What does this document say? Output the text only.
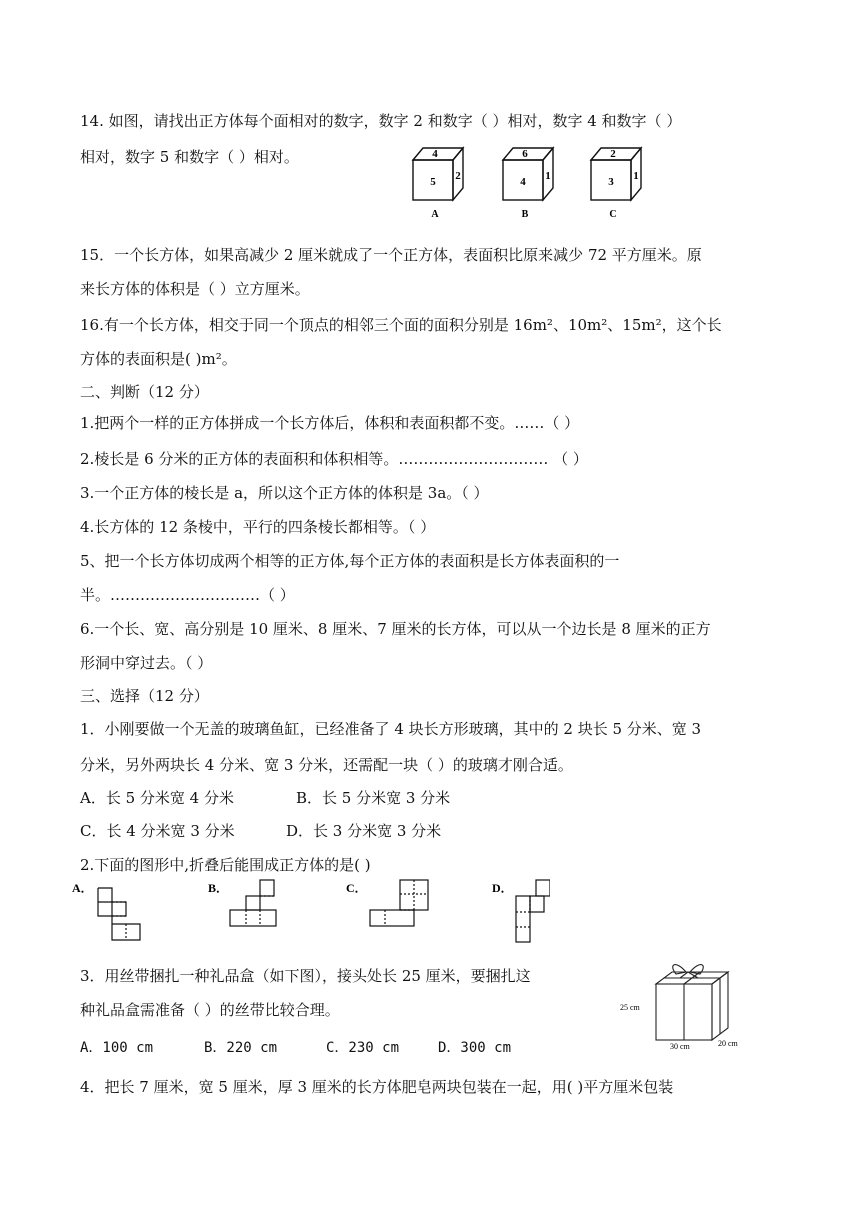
14. 如图，请找出正方体每个面相对的数字，数字 2 和数字（ ）相对，数字 4 和数字（ ）
相对，数字 5 和数字（ ）相对。	4
5 2
A
6
4 1
B
2
3 1
C
15．一个长方体，如果高减少 2 厘米就成了一个正方体，表面积比原来减少 72 平方厘米。原
来长方体的体积是（ ）立方厘米。
16.有一个长方体，相交于同一个顶点的相邻三个面的面积分别是 16m²、10m²、15m²，这个长
方体的表面积是( )m²。
二、判断（12 分）
1.把两个一样的正方体拼成一个长方体后，体积和表面积都不变。……（ ）
2.棱长是 6 分米的正方体的表面积和体积相等。………………………… （ ）
3.一个正方体的棱长是 a，所以这个正方体的体积是 3a。（ ）
4.长方体的 12 条棱中，平行的四条棱长都相等。（ ）
5、把一个长方体切成两个相等的正方体,每个正方体的表面积是长方体表面积的一
半。…………………………（ ）
6.一个长、宽、高分别是 10 厘米、8 厘米、7 厘米的长方体，可以从一个边长是 8 厘米的正方
形洞中穿过去。（ ）
三、选择（12 分）
1．小刚要做一个无盖的玻璃鱼缸，已经准备了 4 块长方形玻璃，其中的 2 块长 5 分米、宽 3
分米，另外两块长 4 分米、宽 3 分米，还需配一块（ ）的玻璃才刚合适。
A．长 5 分米宽 4 分米	B．长 5 分米宽 3 分米
C．长 4 分米宽 3 分米	D．长 3 分米宽 3 分米
2.下面的图形中,折叠后能围成正方体的是( )
A．	B．	C．	D．
3．用丝带捆扎一种礼品盒（如下图），接头处长 25 厘米，要捆扎这
种礼品盒需准备（ ）的丝带比较合理。
A．100 cm	B．220 cm	C．230 cm	D．300 cm
25 cm
30 cm	20 cm
4．把长 7 厘米，宽 5 厘米，厚 3 厘米的长方体肥皂两块包装在一起，用( )平方厘米包装
